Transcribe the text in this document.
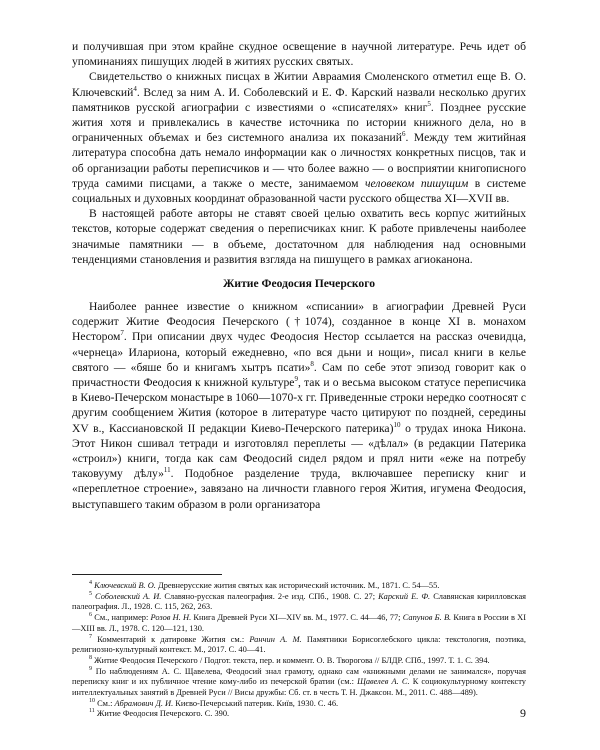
и получившая при этом крайне скудное освещение в научной литературе. Речь идет об упоминаниях пишущих людей в житиях русских святых.

Свидетельство о книжных писцах в Житии Авраамия Смоленского отметил еще В. О. Ключевский$^4$. Вслед за ним А. И. Соболевский и Е. Ф. Карский назвали несколько других памятников русской агиографии с известиями о «списателях» книг$^5$. Позднее русские жития хотя и привлекались в качестве источника по истории книжного дела, но в ограниченных объемах и без системного анализа их показаний$^6$. Между тем житийная литература способна дать немало информации как о личностях конкретных писцов, так и об организации работы переписчиков и — что более важно — о восприятии книгописного труда самими писцами, а также о месте, занимаемом человеком пишущим в системе социальных и духовных координат образованной части русского общества XI—XVII вв.

В настоящей работе авторы не ставят своей целью охватить весь корпус житийных текстов, которые содержат сведения о переписчиках книг. К работе привлечены наиболее значимые памятники — в объеме, достаточном для наблюдения над основными тенденциями становления и развития взгляда на пишущего в рамках агиоканона.

Житие Феодосия Печерского

Наиболее раннее известие о книжном «списании» в агиографии Древней Руси содержит Житие Феодосия Печерского (†1074), созданное в конце XI в. монахом Нестором$^7$. При описании двух чудес Феодосия Нестор ссылается на рассказ очевидца, «чернеца» Илариона, который ежедневно, «по вся дьни и нощи», писал книги в келье святого — «бяше бо и книгамъ хытръ псати»$^8$. Сам по себе этот эпизод говорит как о причастности Феодосия к книжной культуре$^9$, так и о весьма высоком статусе переписчика в Киево-Печерском монастыре в 1060—1070-х гг. Приведенные строки нередко соотносят с другим сообщением Жития (которое в литературе часто цитируют по поздней, середины XV в., Кассиановской II редакции Киево-Печерского патерика)$^{10}$ о трудах инока Никона. Этот Никон сшивал тетради и изготовлял переплеты — «дѣлал» (в редакции Патерика «строил») книги, тогда как сам Феодосий сидел рядом и прял нити «еже на потребу таковууму дѣлу»$^{11}$. Подобное разделение труда, включавшее переписку книг и «переплетное строение», завязано на личности главного героя Жития, игумена Феодосия, выступавшего таким образом в роли организатора

$^4$ Ключевский В. О. Древнерусские жития святых как исторический источник. М., 1871. С. 54—55.

$^5$ Соболевский А. И. Славяно-русская палеография. 2-е изд. СПб., 1908. С. 27; Карский Е. Ф. Славянская кирилловская палеография. Л., 1928. С. 115, 262, 263.

$^6$ См., например: Розов Н. Н. Книга Древней Руси XI—XIV вв. М., 1977. С. 44—46, 77; Сапунов Б. В. Книга в России в XI—XIII вв. Л., 1978. С. 120—121, 130.

$^7$ Комментарий к датировке Жития см.: Ранчин А. М. Памятники Борисоглебского цикла: текстология, поэтика, религиозно-культурный контекст. М., 2017. С. 40—41.

$^8$ Житие Феодосия Печерского / Подгот. текста, пер. и коммент. О. В. Творогова // БЛДР. СПб., 1997. Т. 1. С. 394.

$^9$ По наблюдениям А. С. Щавелева, Феодосий знал грамоту, однако сам «книжными делами не занимался», поручая переписку книг и их публичное чтение кому-либо из печерской братии (см.: Щавелев А. С. К социокультурному контексту интеллектуальных занятий в Древней Руси // Висы дружбы: Сб. ст. в честь Т. Н. Джаксон. М., 2011. С. 488—489).

$^{10}$ См.: Абрамович Д. И. Києво-Печерський патерик. Київ, 1930. С. 46.

$^{11}$ Житие Феодосия Печерского. С. 390.	9
